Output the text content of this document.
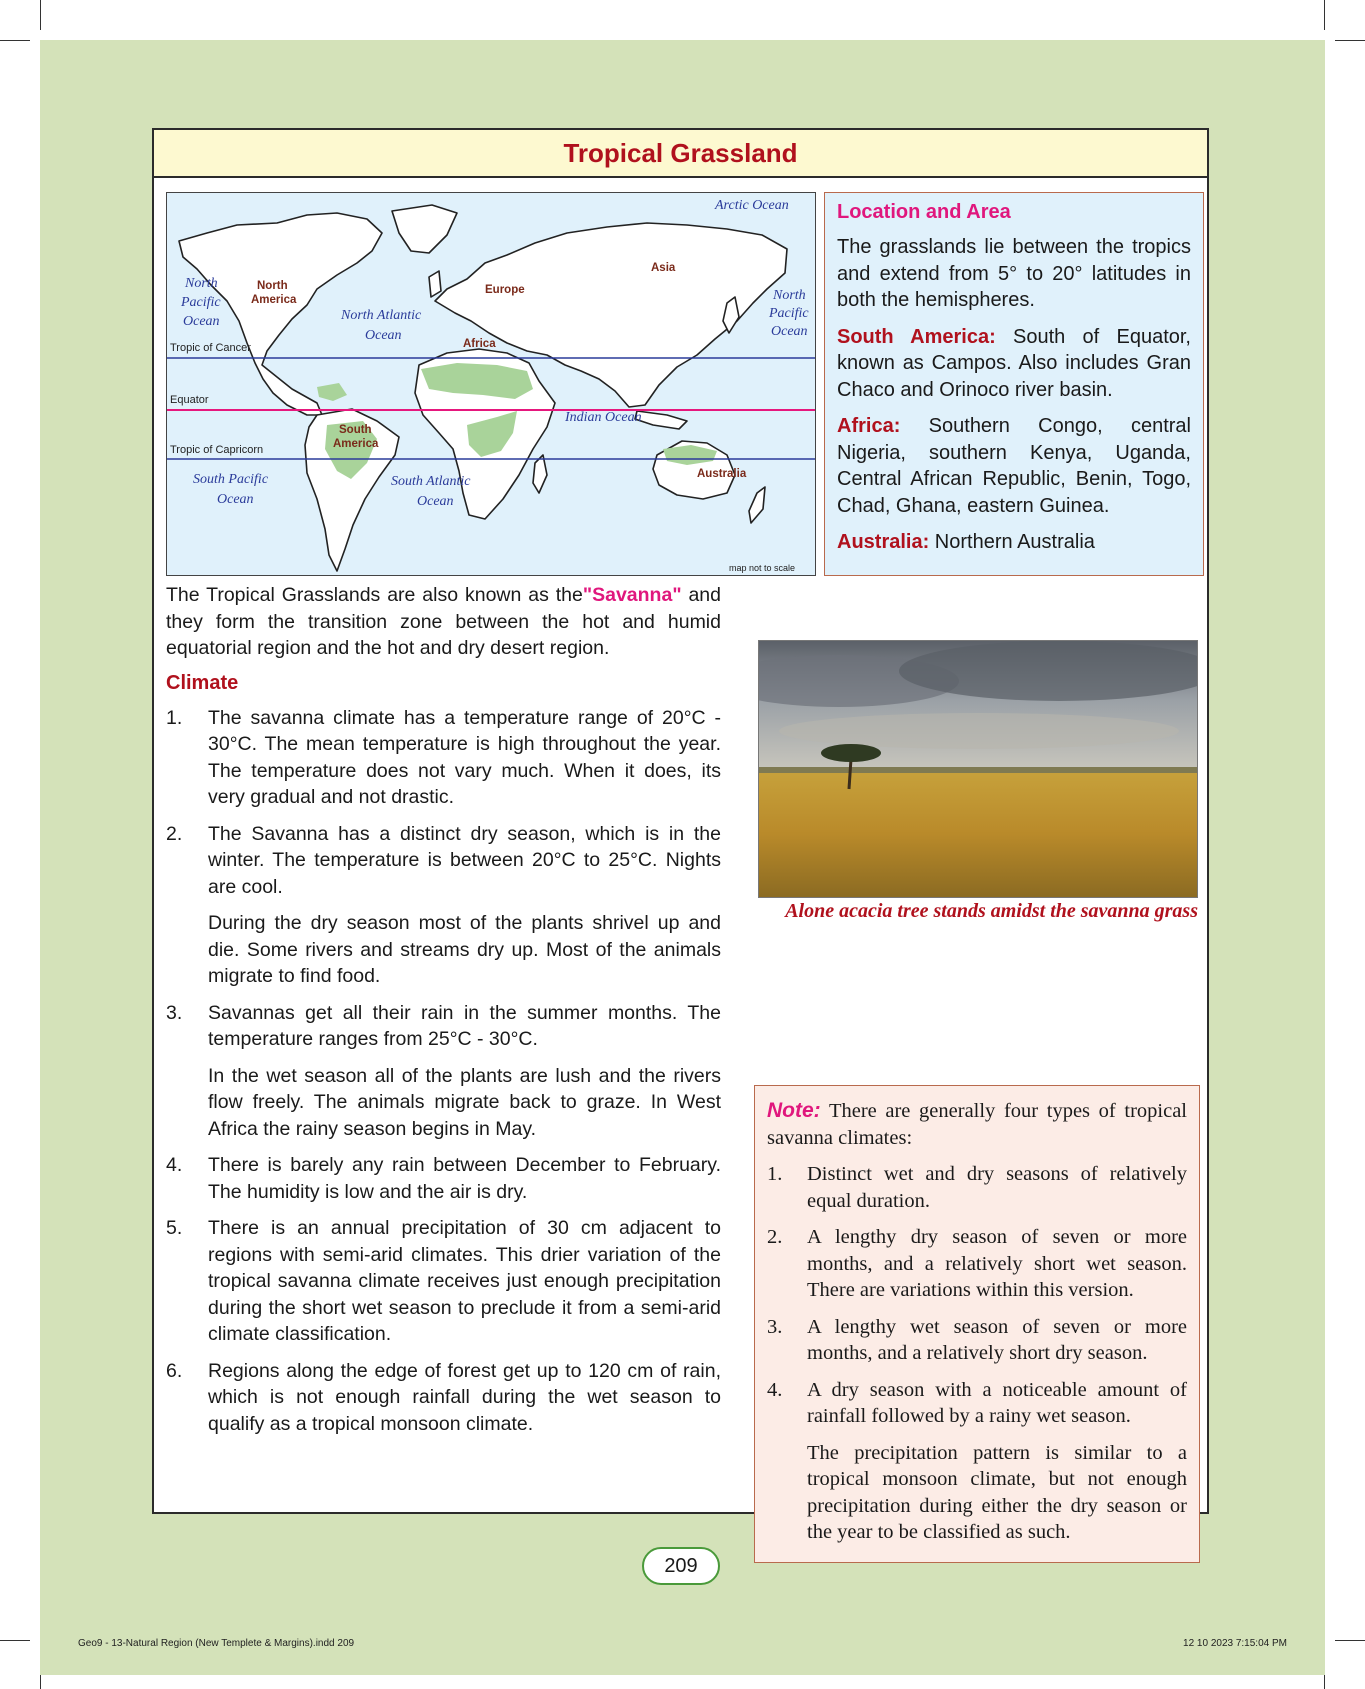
Tropical Grassland
Arctic Ocean
North
Pacific
Ocean	North Atlantic
Ocean
North
Pacific
Ocean
Indian Ocean
South Pacific
Ocean
South Atlantic
Ocean
North
America
Europe
Asia
Africa
South
America
Australia
Tropic of Cancer
Equator
Tropic of Capricorn
map not to scale
Location and Area

The grasslands lie between the tropics and extend from 5° to 20° latitudes in both the hemispheres.

South America: South of Equator, known as Campos. Also includes Gran Chaco and Orinoco river basin.

Africa: Southern Congo, central Nigeria, southern Kenya, Uganda, Central African Republic, Benin, Togo, Chad, Ghana, eastern Guinea.

Australia: Northern Australia

The Tropical Grasslands are also known as the"Savanna" and they form the transition zone between the hot and humid equatorial region and the hot and dry desert region.

Climate
1.	The savanna climate has a temperature range of 20°C - 30°C. The mean temperature is high throughout the year. The temperature does not vary much. When it does, its very gradual and not drastic.

2.	The Savanna has a distinct dry season, which is in the winter. The temperature is between 20°C to 25°C. Nights are cool.

During the dry season most of the plants shrivel up and die. Some rivers and streams dry up. Most of the animals migrate to find food.

3.	Savannas get all their rain in the summer months. The temperature ranges from 25°C - 30°C.

In the wet season all of the plants are lush and the rivers flow freely. The animals migrate back to graze. In West Africa the rainy season begins in May.

4.	There is barely any rain between December to February. The humidity is low and the air is dry.

5.	There is an annual precipitation of 30 cm adjacent to regions with semi-arid climates. This drier variation of the tropical savanna climate receives just enough precipitation during the short wet season to preclude it from a semi-arid climate classification.

6.	Regions along the edge of forest get up to 120 cm of rain, which is not enough rainfall during the wet season to qualify as a tropical monsoon climate.

Alone acacia tree stands amidst the savanna grass
Note: There are generally four types of tropical savanna climates:
1.	Distinct wet and dry seasons of relatively equal duration.

2.	A lengthy dry season of seven or more months, and a relatively short wet season. There are variations within this version.

3.	A lengthy wet season of seven or more months, and a relatively short dry season.

4.	A dry season with a noticeable amount of rainfall followed by a rainy wet season.

The precipitation pattern is similar to a tropical monsoon climate, but not enough precipitation during either the dry season or the year to be classified as such.

209
Geo9 - 13-Natural Region (New Templete & Margins).indd 209	12 10 2023 7:15:04 PM
